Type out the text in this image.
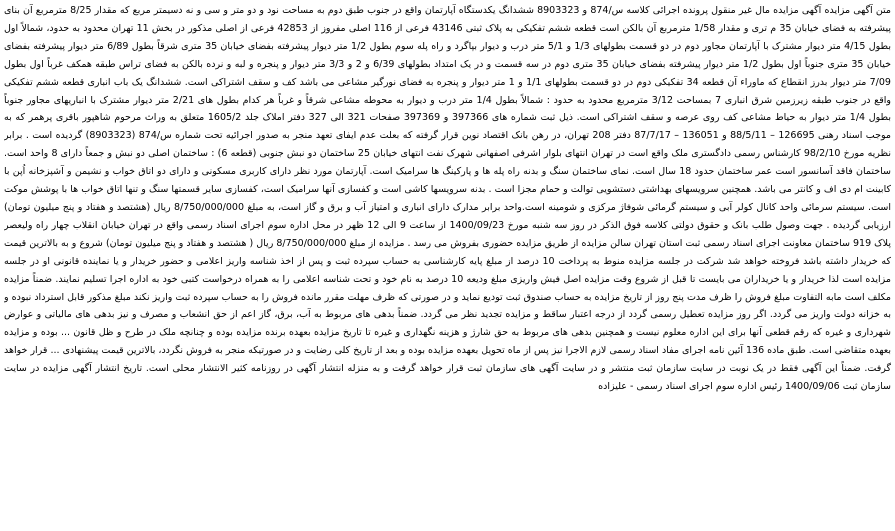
متن آگهی مزایده آگهی مزایده مال غیر منقول پرونده اجرائی کلاسه س/874 و 8903323 ششدانگ یکدستگاه آپارتمان واقع در جنوب طبق دوم به مساحت نود و دو متر و سی و نه دسیمتر مربع که مقدار 8/25 مترمربع آن بنای پیشرفته به فضای خیابان 35 م تری و مقدار 1/58 مترمربع آن بالکن است قطعه ششم تفکیکی به پلاک ثبتی 43146 فرعی از 116 اصلی مفروز از 42853 فرعی از اصلی مذکور در بخش 11 تهران محدود به حدود، شمالاً اول بطول 4/15 متر دیوار مشترک با آپارتمان مجاور دوم در دو قسمت بطولهای 1/3 و 5/1 متر درب و دیوار بپاگرد و راه پله سوم بطول 1/2 متر دیوار پیشرفته بفضای خیابان 35 متری شرقاً بطول 6/89 متر دیوار پیشرفته بفضای خیابان 35 متری جنوباً اول بطول 1/2 متر دیوار پیشرفته بفضای خیابان 35 متری دوم در سه قسمت و در یک امتداد بطولهای 6/39 و 2 و 3/3 متر دیوار و پنجره و لبه و نرده بالکن به فضای تراس طبقه همکف غرباً اول بطول 7/09 متر دیوار بدرز انقطاع که ماوراء آن قطعه 34 تفکیکی دوم در دو قسمت بطولهای 1/1 و 1 متر دیوار و پنجره به فضای نورگیر مشاعی می باشد کف و سقف اشتراکی است. ششدانگ یک باب انباری قطعه ششم تفکیکی واقع در جنوب طبقه زیرزمین شرق انباری 7 بمساحت 3/12 مترمربع محدود به حدود : شمالاً بطول 1/4 متر درب و دیوار به محوطه مشاعی شرقاً و غرباً هر کدام بطول های 2/21 متر دیوار مشترک با انباریهای مجاور جنوباً بطول 1/4 متر دیوار به حیاط مشاعی کف روی عرصه و سقف اشتراکی است. ذیل ثبت شماره های 397366 و 397369 صفحات 321 الی 327 دفتر املاک جلد 1605/2 متعلق به وراث مرحوم شاهپور باقری پرهمر که به موجب اسناد رهنی 126695 – 88/5/11 و 136051 – 87/7/17 دفتر 208 تهران، در رهن بانک اقتصاد نوین قرار گرفته که بعلت عدم ایفای تعهد منجر به صدور اجرائیه تحت شماره س/874 (8903323) گردیده است . برابر نظریه مورخ 98/2/10 کارشناس رسمی دادگستری ملک واقع است در تهران انتهای بلوار اشرفی اصفهانی شهرک نفت انتهای خیابان 25 ساختمان دو نبش جنوبی (قطعه 6) : ساختمان اصلی دو نبش و جمعاً دارای 8 واحد است. ساختمان فاقد آسانسور است عمر ساختمان حدود 18 سال است. نمای ساختمان سنگ و بدنه راه پله ها و پارکینگ ها سرامیک است. آپارتمان مورد نظر دارای کاربری مسکونی و دارای دو اتاق خواب و نشیمن و آشپزخانه اُپن با کابینت ام دی اف و کانتر می باشد. همچنین سرویسهای بهداشتی دستشویی توالت و حمام مجزا است . بدنه سرویسها کاشی است و کفسازی آنها سرامیک است، کفسازی سایر قسمتها سنگ و تنها اتاق خواب ها با پوشش موکت است. سیستم سرمائی واحد کانال کولر آبی و سیستم گرمائی شوفاژ مرکزی و شومینه است.واحد برابر مدارک دارای انباری و امتیاز آب و برق و گاز است، به مبلغ 8/750/000/000 ریال (هشتصد و هفتاد و پنج میلیون تومان) ارزیابی گردیده . جهت وصول طلب بانک و حقوق دولتی کلاسه فوق الذکر در روز سه شنبه مورخ 1400/09/23 از ساعت 9 الی 12 ظهر در محل اداره سوم اجرای اسناد رسمی واقع در تهران خیابان انقلاب چهار راه ولیعصر پلاک 919 ساختمان معاونت اجرای اسناد رسمی ثبت استان تهران سالن مزایده از طریق مزایده حضوری بفروش می رسد . مزایده از مبلغ 8/750/000/000 ریال ( هشتصد و هفتاد و پنج میلیون تومان) شروع و به بالاترین قیمت که خریدار داشته باشد فروخته خواهد شد شرکت در جلسه مزایده منوط به پرداخت 10 درصد از مبلغ پایه کارشناسی به حساب سپرده ثبت و پس از اخذ شناسه واریز اعلامی و حضور خریدار و یا نماینده قانونی او در جلسه مزایده است لذا خریدار و یا خریداران می بایست تا قبل از شروع وقت مزایده اصل فیش واریزی مبلغ ودیعه 10 درصد به نام خود و تحت شناسه اعلامی را به همراه درخواست کتبی خود به اداره اجرا تسلیم نمایند. ضمناً مزایده مکلف است مابه التفاوت مبلغ فروش را ظرف مدت پنج روز از تاریخ مزایده به حساب صندوق ثبت تودیع نماید و در صورتی که ظرف مهلت مقرر مانده فروش را به حساب سپرده ثبت واریز نکند مبلغ مذکور قابل استرداد نبوده و به خزانه دولت واریز می گردد. اگر روز مزایده تعطیل رسمی گردد از درجه اعتبار ساقط و مزایده تجدید نظر می گردد. ضمناً بدهی های مربوط به آب، برق، گاز اعم از حق انشعاب و مصرف و نیز بدهی های مالیاتی و عوارض شهرداری و غیره که رقم قطعی آنها برای این اداره معلوم نیست و همچنین بدهی های مربوط به حق شارژ و هزینه نگهداری و غیره تا تاریخ مزایده بعهده برنده مزایده بوده و چنانچه ملک در طرح و ظل قانون ... بوده و مزایده بعهده متقاضی است. طبق ماده 136 آئین نامه اجرای مفاد اسناد رسمی لازم الاجرا نیز پس از ماه تحویل بعهده مزایده بوده و بعد از تاریخ کلی رضایت و در صورتیکه منجر به فروش نگردد، بالاترین قیمت پیشنهادی ... قرار خواهد گرفت. ضمناً این آگهی فقط در یک نوبت در سایت سازمان ثبت منتشر و در سایت آگهی های سازمان ثبت قرار خواهد گرفت و به منزله انتشار آگهی در روزنامه کثیر الانتشار محلی است. تاریخ انتشار آگهی مزایده در سایت سازمان ثبت 1400/09/06 رئیس اداره سوم اجرای اسناد رسمی - علیزاده
